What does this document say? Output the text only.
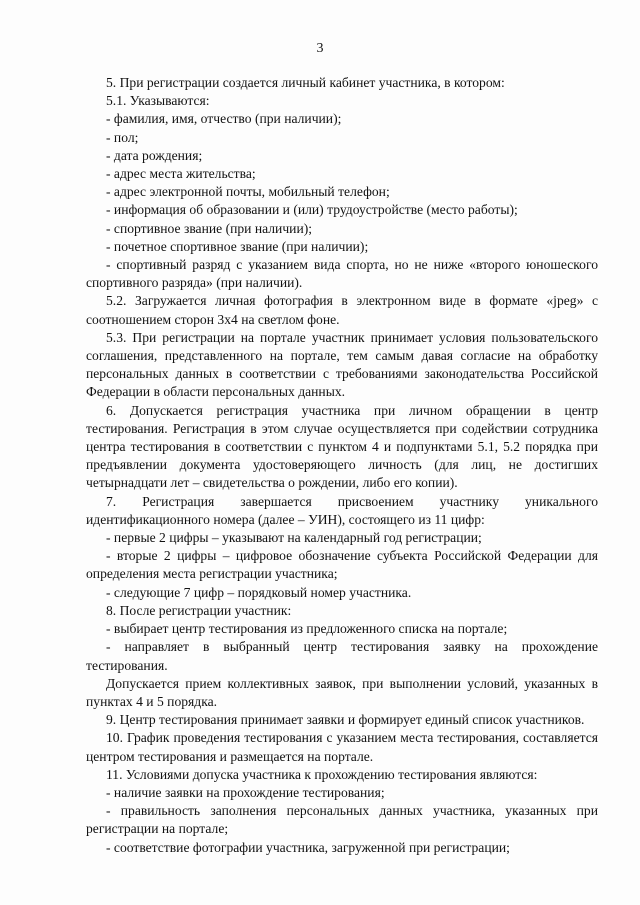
3

5. При регистрации создается личный кабинет участника, в котором:

5.1. Указываются:

- фамилия, имя, отчество (при наличии);

- пол;

- дата рождения;

- адрес места жительства;

- адрес электронной почты, мобильный телефон;

- информация об образовании и (или) трудоустройстве (место работы);

- спортивное звание (при наличии);

- почетное спортивное звание (при наличии);

- спортивный разряд с указанием вида спорта, но не ниже «второго юношеского спортивного разряда» (при наличии).

5.2. Загружается личная фотография в электронном виде в формате «jpeg» с соотношением сторон 3x4 на светлом фоне.

5.3. При регистрации на портале участник принимает условия пользовательского соглашения, представленного на портале, тем самым давая согласие на обработку персональных данных в соответствии с требованиями законодательства Российской Федерации в области персональных данных.

6. Допускается регистрация участника при личном обращении в центр тестирования. Регистрация в этом случае осуществляется при содействии сотрудника центра тестирования в соответствии с пунктом 4 и подпунктами 5.1, 5.2 порядка при предъявлении документа удостоверяющего личность (для лиц, не достигших четырнадцати лет – свидетельства о рождении, либо его копии).

7. Регистрация завершается присвоением участнику уникального идентификационного номера (далее – УИН), состоящего из 11 цифр:

- первые 2 цифры – указывают на календарный год регистрации;

- вторые 2 цифры – цифровое обозначение субъекта Российской Федерации для определения места регистрации участника;

- следующие 7 цифр – порядковый номер участника.

8. После регистрации участник:

- выбирает центр тестирования из предложенного списка на портале;

- направляет в выбранный центр тестирования заявку на прохождение тестирования.

Допускается прием коллективных заявок, при выполнении условий, указанных в пунктах 4 и 5 порядка.

9. Центр тестирования принимает заявки и формирует единый список участников.

10. График проведения тестирования с указанием места тестирования, составляется центром тестирования и размещается на портале.

11. Условиями допуска участника к прохождению тестирования являются:

- наличие заявки на прохождение тестирования;

- правильность заполнения персональных данных участника, указанных при регистрации на портале;

- соответствие фотографии участника, загруженной при регистрации;
